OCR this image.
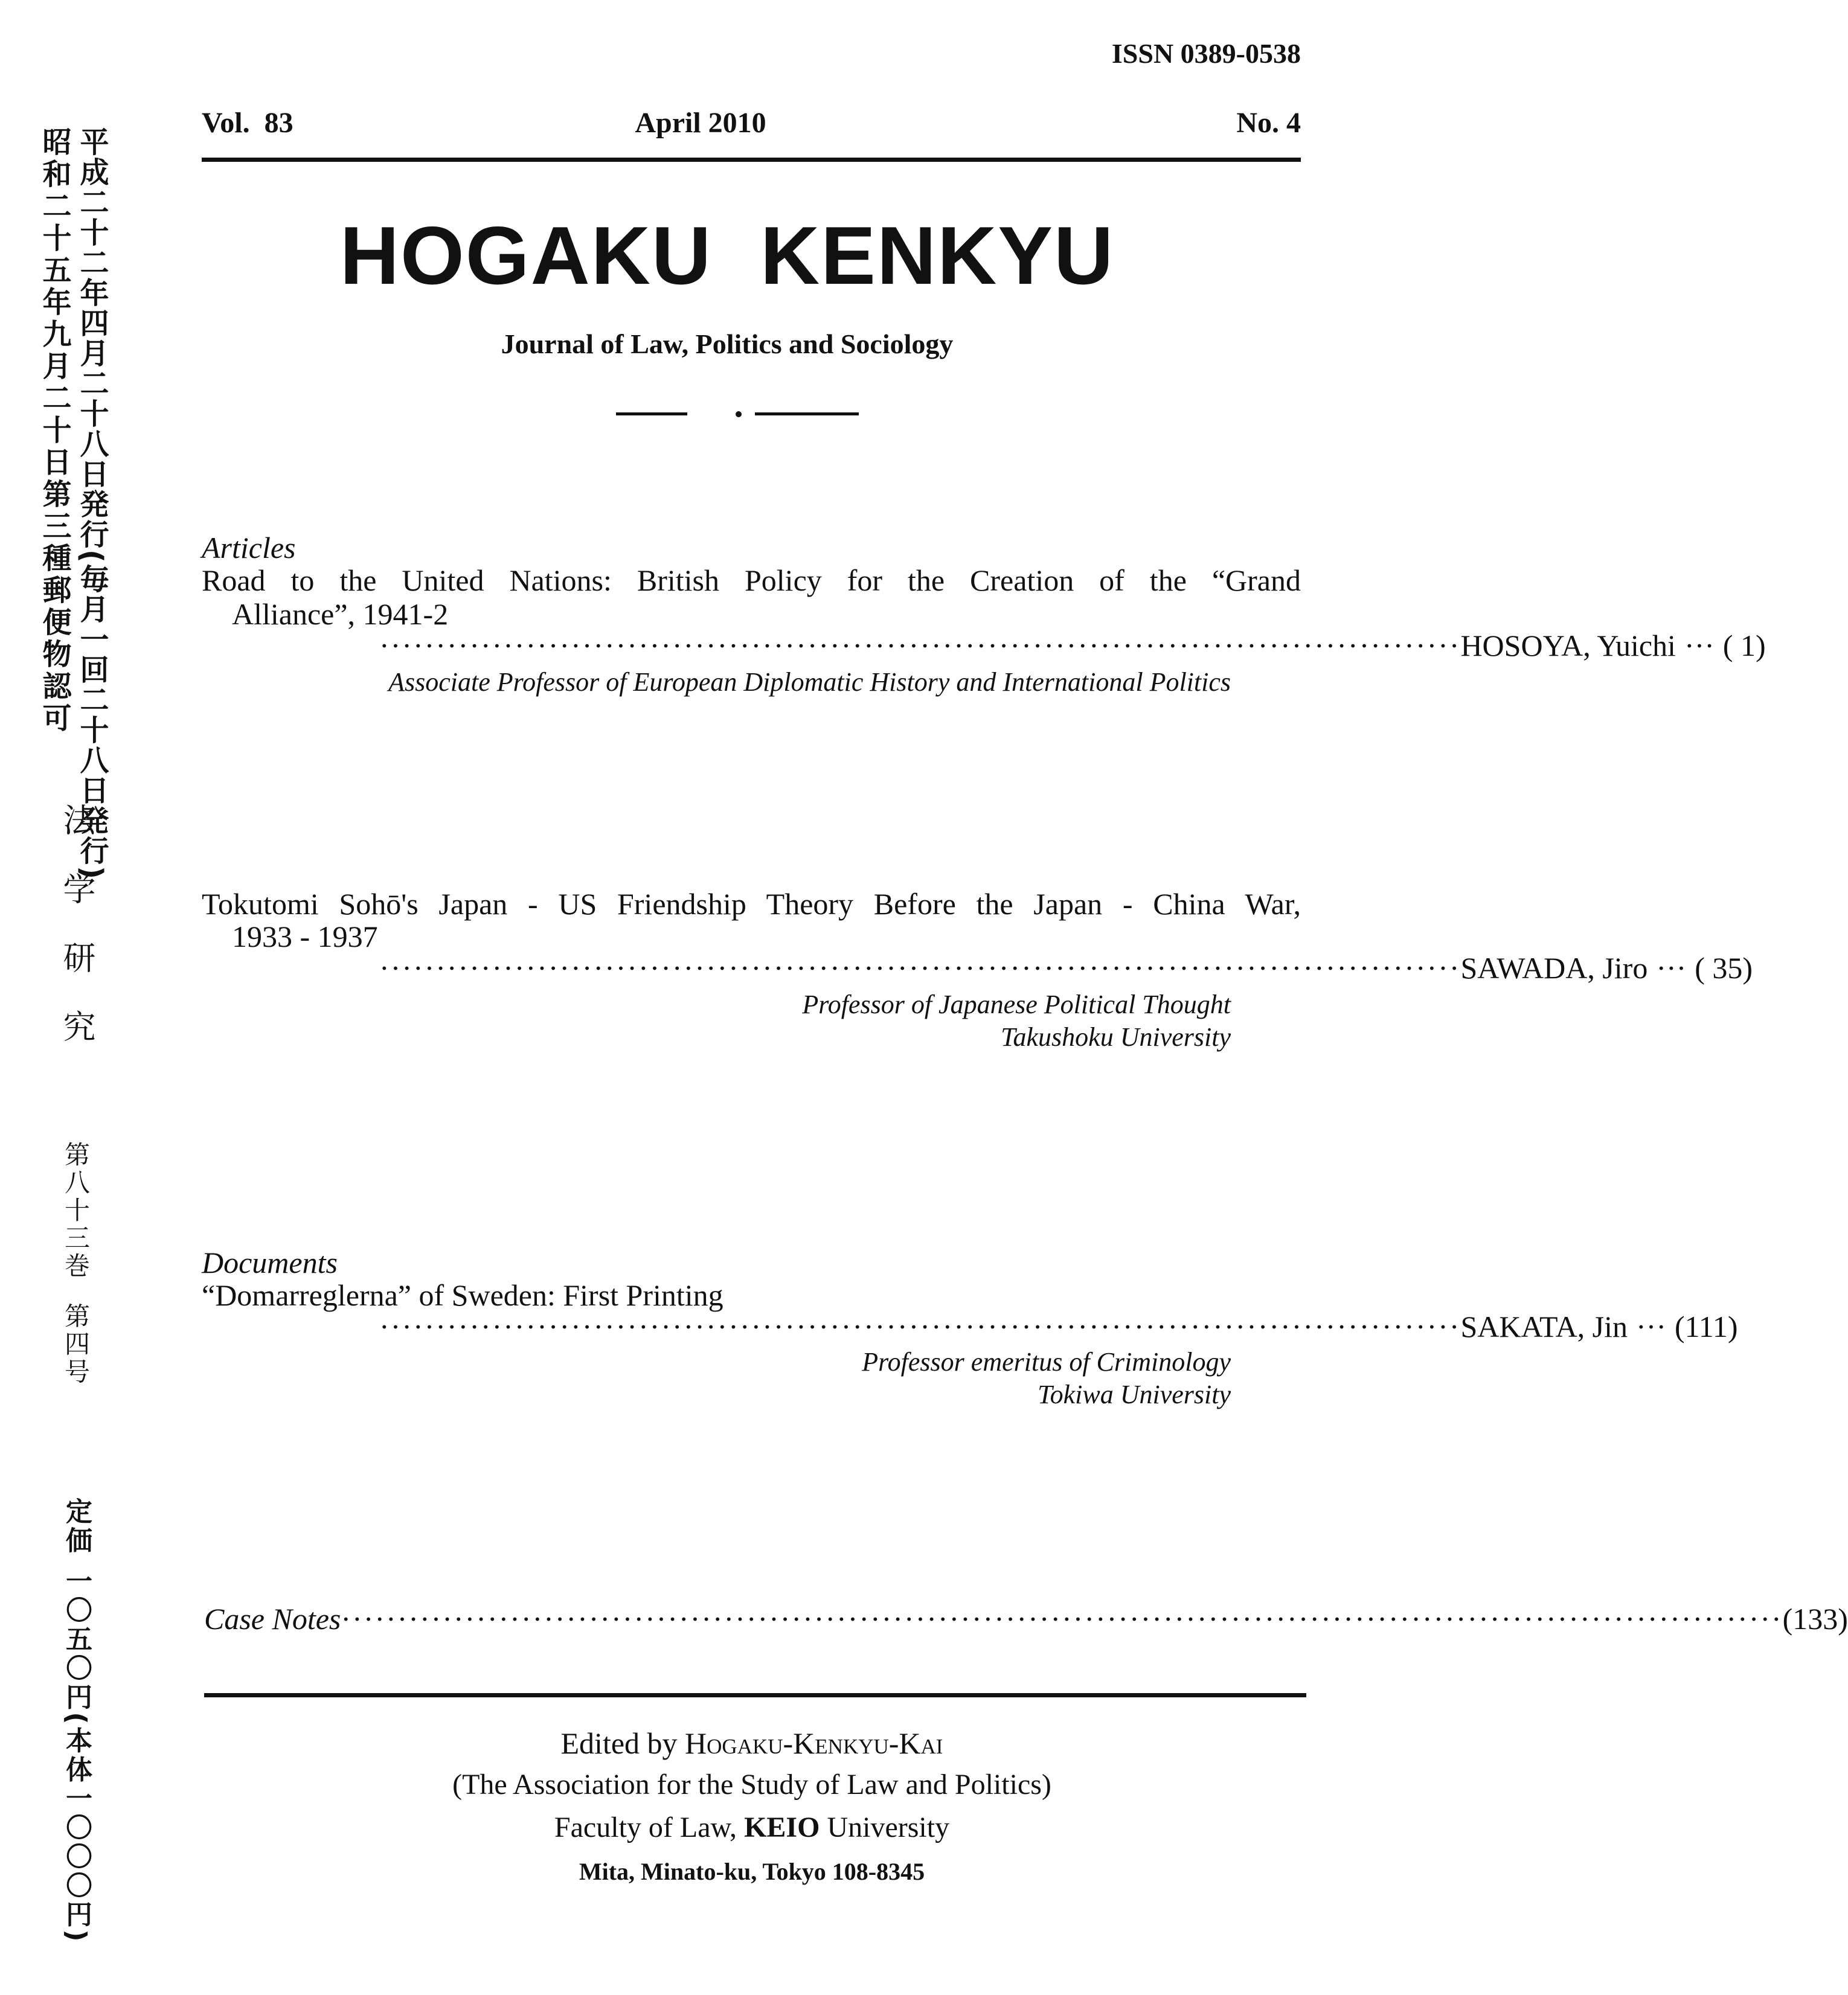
平成二十二年四月二十八日発行(毎月一回二十八日発行)
昭和二十五年九月二十日第三種郵便物認可
法学研究
第八十三巻 第四号
定価 一〇五〇円(本体一〇〇〇円)
ISSN 0389-0538
Vol.  83	April 2010	No. 4
HOGAKU KENKYU
Journal of Law, Politics and Sociology
Articles
Road to the United Nations: British Policy for the Creation of the “Grand
Alliance”, 1941-2
································································································ HOSOYA, Yuichi ··· ( 1)
Associate Professor of European Diplomatic History and International Politics
Tokutomi Sohō's Japan - US Friendship Theory Before the Japan - China War,
1933 - 1937
································································································ SAWADA, Jiro ··· ( 35)
Professor of Japanese Political Thought
Takushoku University
Documents
“Domarreglerna” of Sweden: First Printing
································································································ SAKATA, Jin ··· (111)
Professor emeritus of Criminology
Tokiwa University
Case Notes ································································································································ (133)
Edited by Hogaku-Kenkyu-Kai
(The Association for the Study of Law and Politics)
Faculty of Law, KEIO University
Mita, Minato-ku, Tokyo 108-8345
